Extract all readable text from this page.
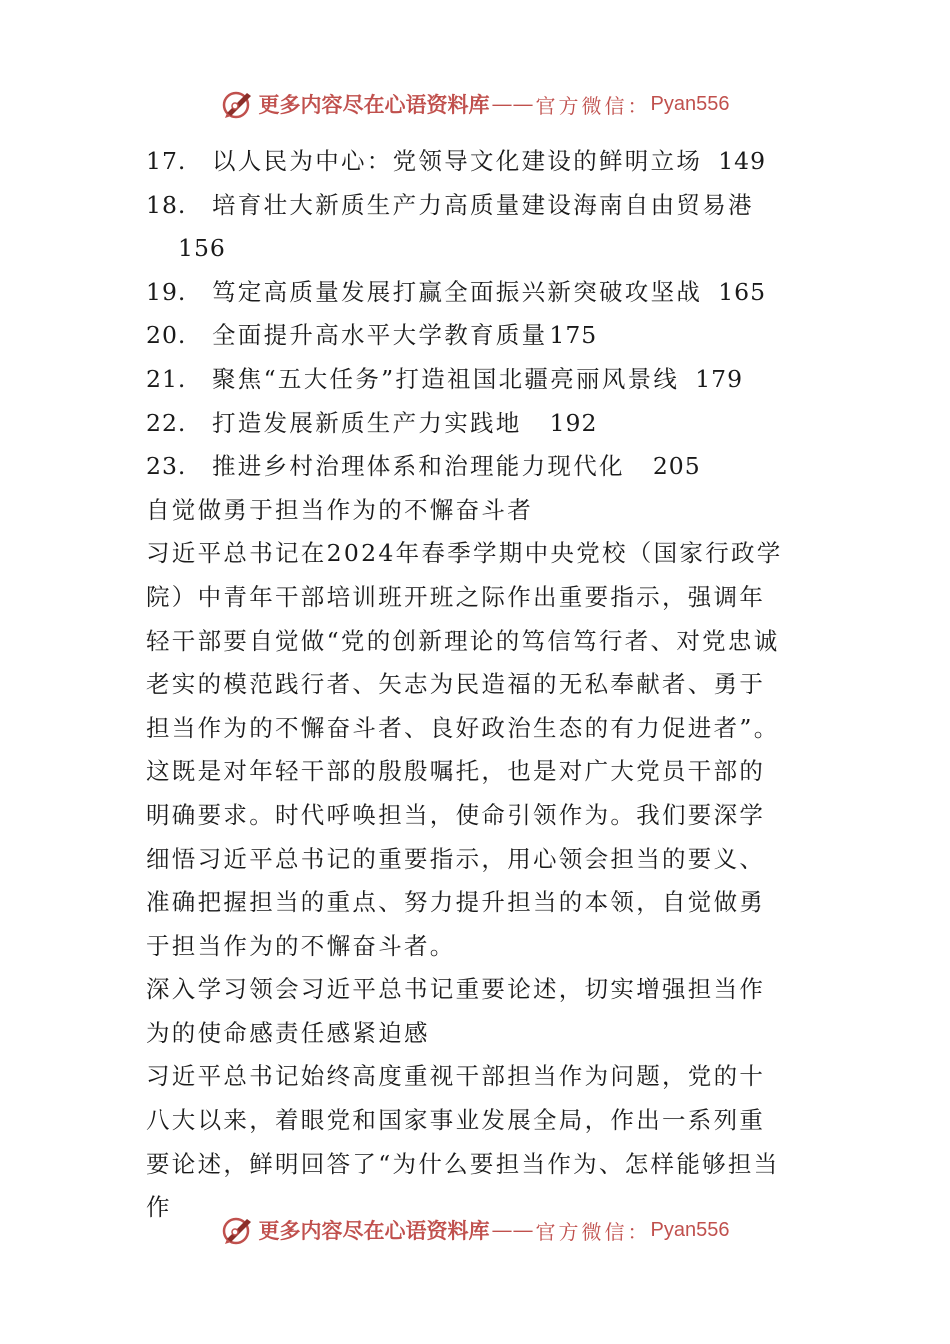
更多内容尽在心语资料库 —— 官方微信： Pyan556
17.	以人民为中心：党领导文化建设的鲜明立场 149
18.	培育壮大新质生产力高质量建设海南自由贸易港
156
19.	笃定高质量发展打赢全面振兴新突破攻坚战 165
20.	全面提升高水平大学教育质量175
21.	聚焦“五大任务”打造祖国北疆亮丽风景线 179
22.	打造发展新质生产力实践地 192
23.	推进乡村治理体系和治理能力现代化 205

自觉做勇于担当作为的不懈奋斗者

习近平总书记在2024年春季学期中央党校（国家行政学院）中青年干部培训班开班之际作出重要指示，强调年轻干部要自觉做“党的创新理论的笃信笃行者、对党忠诚老实的模范践行者、矢志为民造福的无私奉献者、勇于担当作为的不懈奋斗者、良好政治生态的有力促进者”。这既是对年轻干部的殷殷嘱托，也是对广大党员干部的明确要求。时代呼唤担当，使命引领作为。我们要深学细悟习近平总书记的重要指示，用心领会担当的要义、准确把握担当的重点、努力提升担当的本领，自觉做勇于担当作为的不懈奋斗者。

深入学习领会习近平总书记重要论述，切实增强担当作为的使命感责任感紧迫感

习近平总书记始终高度重视干部担当作为问题，党的十八大以来，着眼党和国家事业发展全局，作出一系列重要论述，鲜明回答了“为什么要担当作为、怎样能够担当作

更多内容尽在心语资料库 —— 官方微信： Pyan556
